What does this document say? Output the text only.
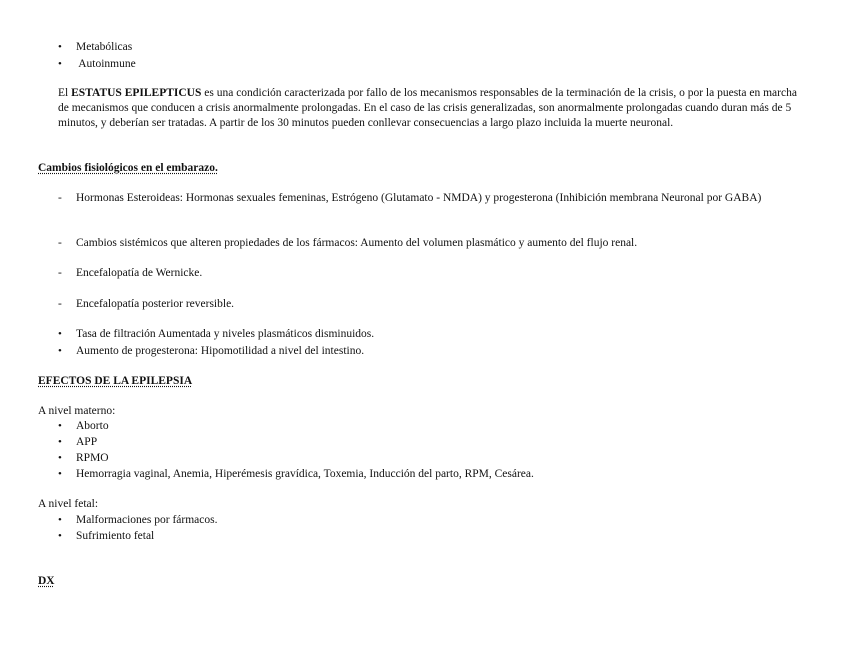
•	Metabólicas
•	Autoinmune
El ESTATUS EPILEPTICUS es una condición caracterizada por fallo de los mecanismos responsables de la terminación de la crisis, o por la puesta en marcha de mecanismos que conducen a crisis anormalmente prolongadas. En el caso de las crisis generalizadas, son anormalmente prolongadas cuando duran más de 5 minutos, y deberían ser tratadas. A partir de los 30 minutos pueden conllevar consecuencias a largo plazo incluida la muerte neuronal.
Cambios fisiológicos en el embarazo.
-	Hormonas Esteroideas: Hormonas sexuales femeninas, Estrógeno (Glutamato - NMDA) y progesterona (Inhibición membrana Neuronal por GABA)
-	Cambios sistémicos que alteren propiedades de los fármacos: Aumento del volumen plasmático y aumento del flujo renal.
-	Encefalopatía de Wernicke.
-	Encefalopatía posterior reversible.
•	Tasa de filtración Aumentada y niveles plasmáticos disminuidos.
•	Aumento de progesterona: Hipomotilidad a nivel del intestino.
EFECTOS DE LA EPILEPSIA
A nivel materno:
•	Aborto
•	APP
•	RPMO
•	Hemorragia vaginal, Anemia, Hiperémesis gravídica, Toxemia, Inducción del parto, RPM, Cesárea.
A nivel fetal:
•	Malformaciones por fármacos.
•	Sufrimiento fetal
DX
